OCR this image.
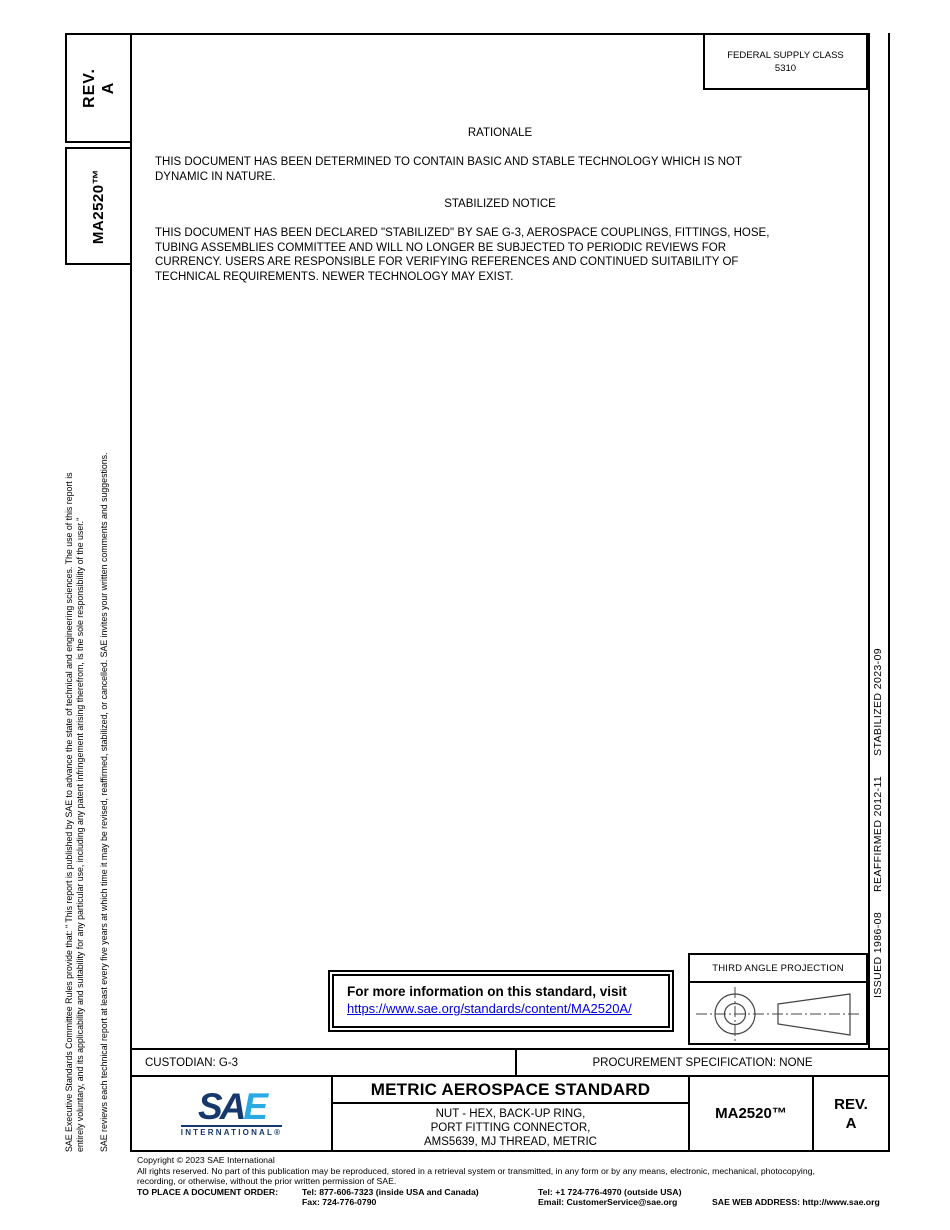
REV. A
MA2520™
FEDERAL SUPPLY CLASS
5310
RATIONALE
THIS DOCUMENT HAS BEEN DETERMINED TO CONTAIN BASIC AND STABLE TECHNOLOGY WHICH IS NOT
DYNAMIC IN NATURE.
STABILIZED NOTICE
THIS DOCUMENT HAS BEEN DECLARED "STABILIZED" BY SAE G-3, AEROSPACE COUPLINGS, FITTINGS, HOSE,
TUBING ASSEMBLIES COMMITTEE AND WILL NO LONGER BE SUBJECTED TO PERIODIC REVIEWS FOR
CURRENCY. USERS ARE RESPONSIBLE FOR VERIFYING REFERENCES AND CONTINUED SUITABILITY OF
TECHNICAL REQUIREMENTS. NEWER TECHNOLOGY MAY EXIST.
SAE Executive Standards Committee Rules provide that: " This report is published by SAE to advance the state of technical and engineering sciences. The use of this report is entirely voluntary, and its applicability and suitability for any particular use, including any patent infringement arising therefrom, is the sole responsibility of the user." SAE reviews each technical report at least every five years at which time it may be revised, reaffirmed, stabilized, or cancelled. SAE invites your written comments and suggestions.	ISSUED 1986-08      REAFFIRMED 2012-11      STABILIZED 2023-09
For more information on this standard, visit
https://www.sae.org/standards/content/MA2520A/
THIRD ANGLE PROJECTION
CUSTODIAN: G-3	PROCUREMENT SPECIFICATION: NONE
SAE
INTERNATIONAL®
METRIC AEROSPACE STANDARD
NUT - HEX, BACK-UP RING,
PORT FITTING CONNECTOR,
AMS5639, MJ THREAD, METRIC
MA2520™
REV.
A
Copyright © 2023 SAE International
All rights reserved. No part of this publication may be reproduced, stored in a retrieval system or transmitted, in any form or by any means, electronic, mechanical, photocopying,
recording, or otherwise, without the prior written permission of SAE.
TO PLACE A DOCUMENT ORDER:	Tel: 877-606-7323 (inside USA and Canada)	Tel: +1 724-776-4970 (outside USA)
Fax: 724-776-0790	Email: CustomerService@sae.org	SAE WEB ADDRESS: http://www.sae.org
